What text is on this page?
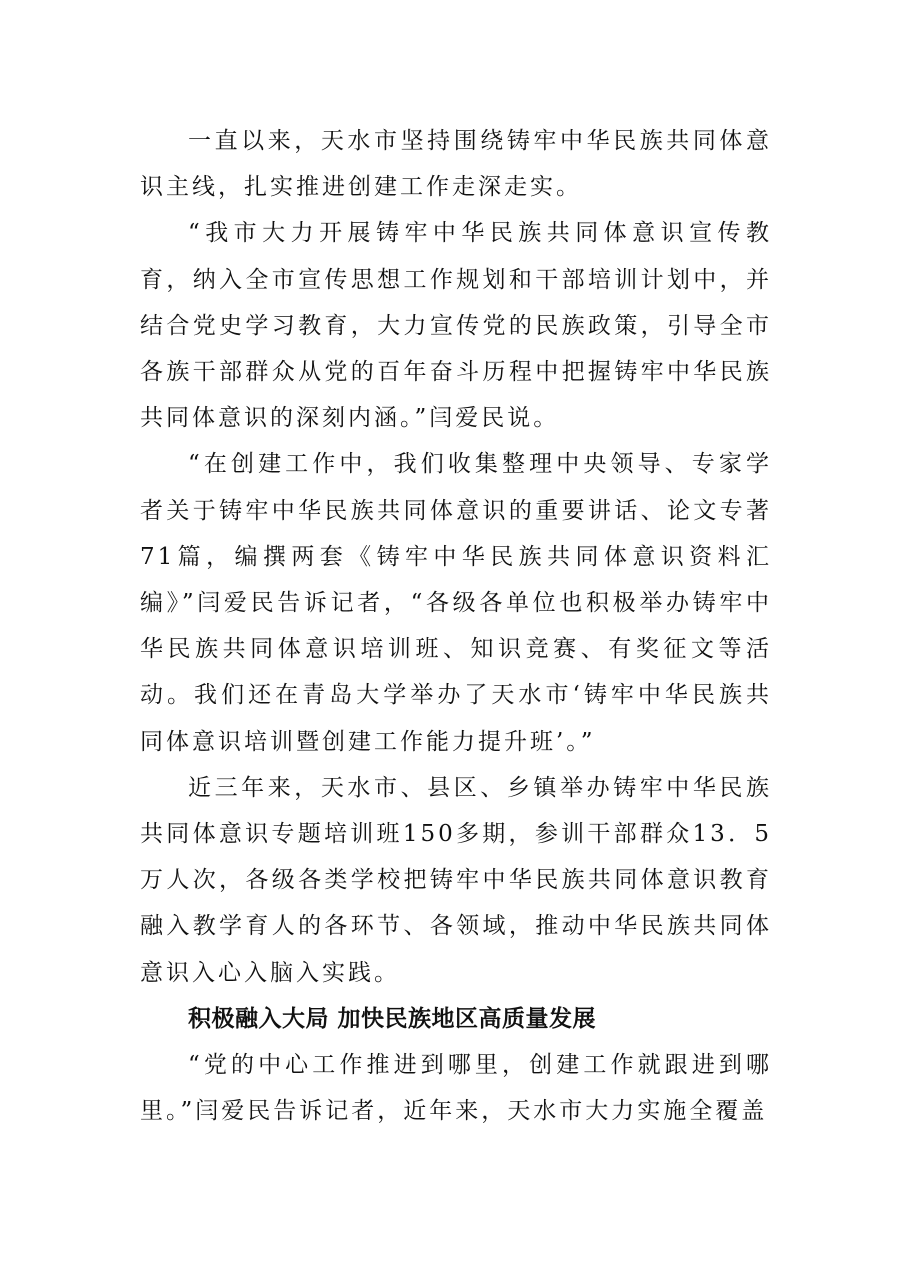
一直以来，天水市坚持围绕铸牢中华民族共同体意识主线，扎实推进创建工作走深走实。

“我市大力开展铸牢中华民族共同体意识宣传教育，纳入全市宣传思想工作规划和干部培训计划中，并结合党史学习教育，大力宣传党的民族政策，引导全市各族干部群众从党的百年奋斗历程中把握铸牢中华民族共同体意识的深刻内涵。”闫爱民说。

“在创建工作中，我们收集整理中央领导、专家学者关于铸牢中华民族共同体意识的重要讲话、论文专著71篇，编撰两套《铸牢中华民族共同体意识资料汇编》”闫爱民告诉记者，“各级各单位也积极举办铸牢中华民族共同体意识培训班、知识竞赛、有奖征文等活动。我们还在青岛大学举办了天水市‘铸牢中华民族共同体意识培训暨创建工作能力提升班’。”

近三年来，天水市、县区、乡镇举办铸牢中华民族共同体意识专题培训班150多期，参训干部群众13．5万人次，各级各类学校把铸牢中华民族共同体意识教育融入教学育人的各环节、各领域，推动中华民族共同体意识入心入脑入实践。

积极融入大局 加快民族地区高质量发展

“党的中心工作推进到哪里，创建工作就跟进到哪里。”闫爱民告诉记者，近年来，天水市大力实施全覆盖
